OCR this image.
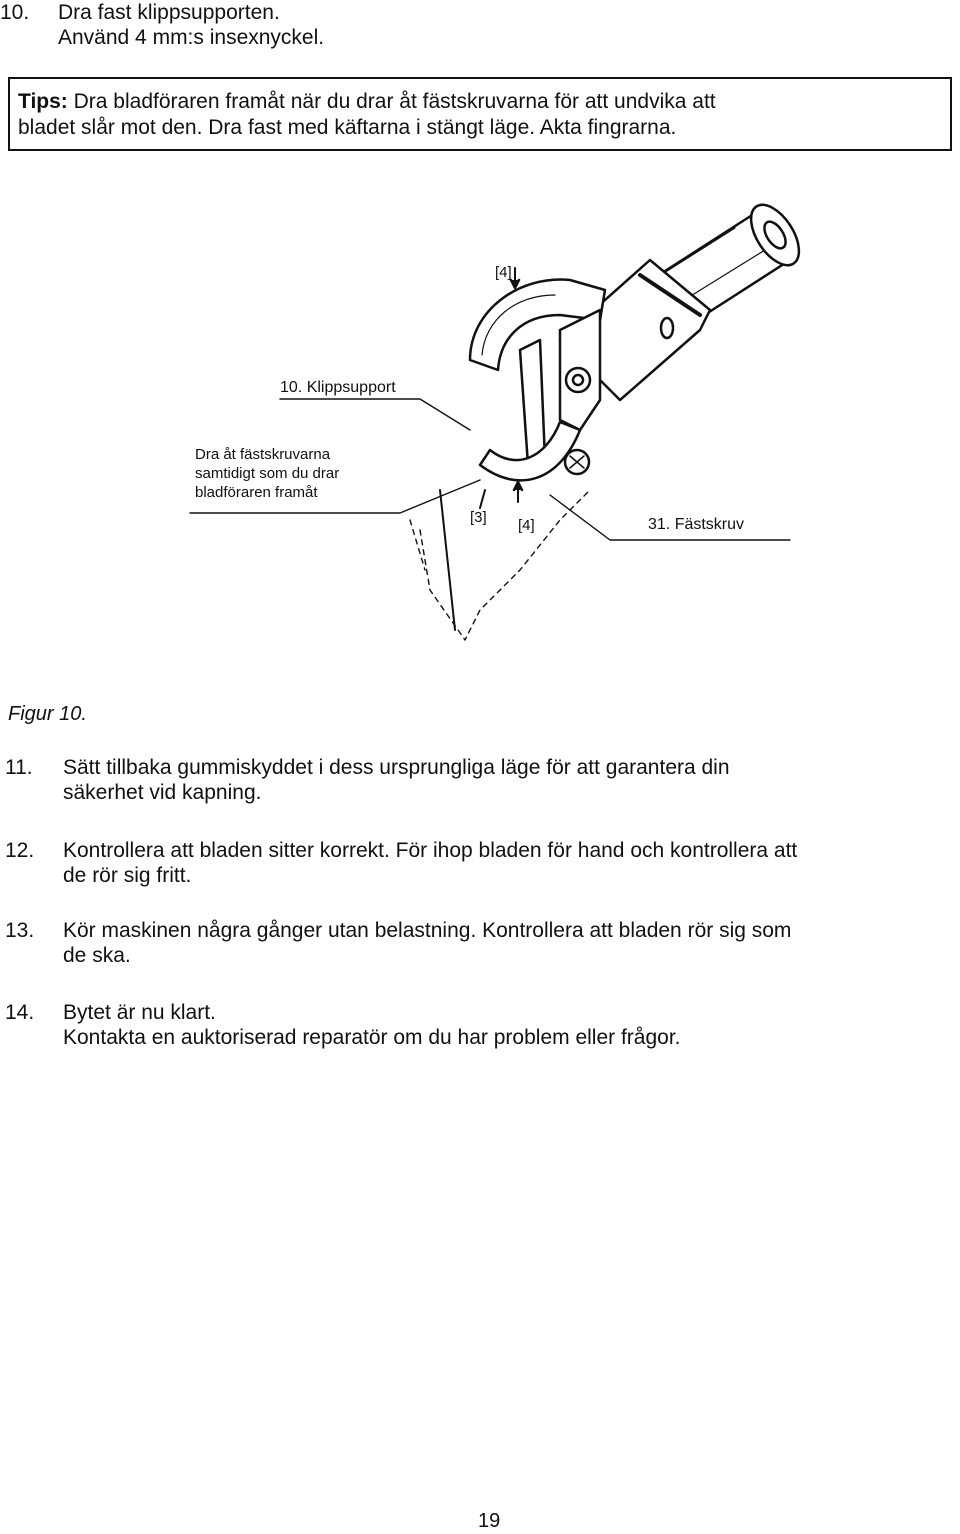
10. Dra fast klippsupporten.
Använd 4 mm:s insexnyckel.
Tips: Dra bladföraren framåt när du drar åt fästskruvarna för att undvika att
bladet slår mot den. Dra fast med käftarna i stängt läge. Akta fingrarna.
[4]
10. Klippsupport
Dra åt fästskruvarna
samtidigt som du drar
bladföraren framåt
[3] [4]	31. Fästskruv
Figur 10.
11. Sätt tillbaka gummiskyddet i dess ursprungliga läge för att garantera din
säkerhet vid kapning.
12. Kontrollera att bladen sitter korrekt. För ihop bladen för hand och kontrollera att
de rör sig fritt.
13. Kör maskinen några gånger utan belastning. Kontrollera att bladen rör sig som
de ska.
14. Bytet är nu klart.
Kontakta en auktoriserad reparatör om du har problem eller frågor.
19
